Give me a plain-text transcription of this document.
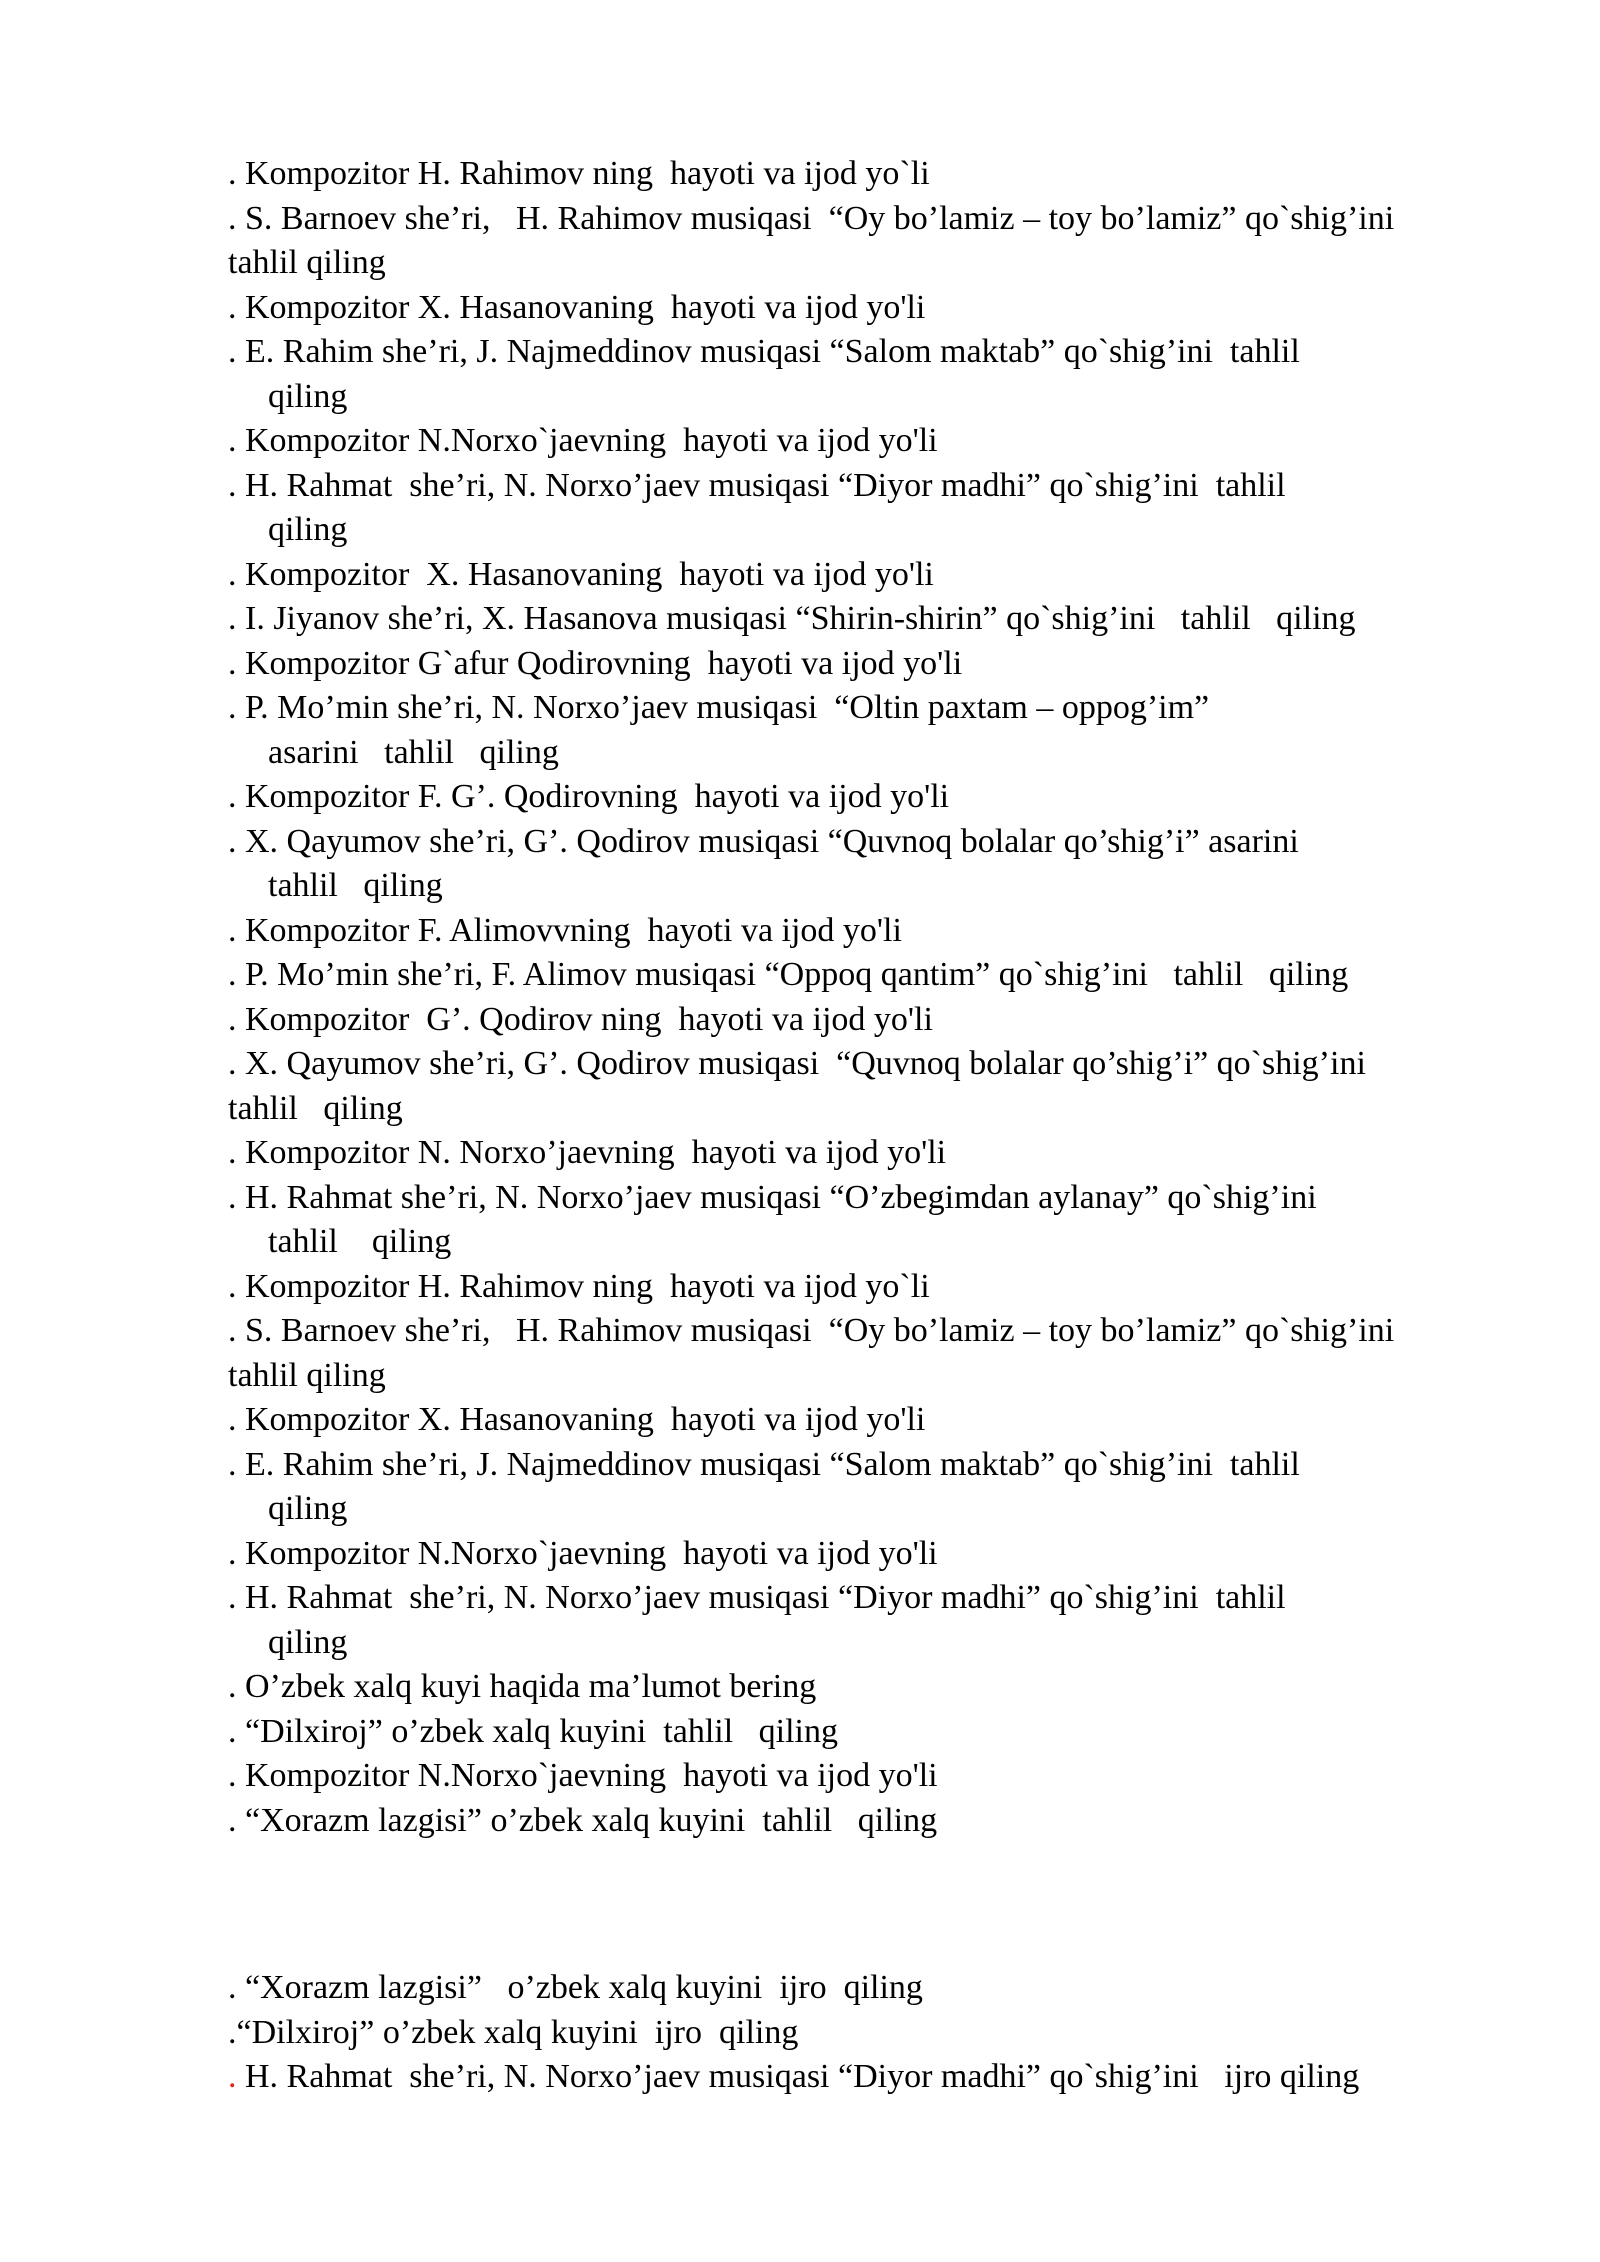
. Kompozitor H. Rahimov ning  hayoti va ijod yo`li
. S. Barnoev she’ri,   H. Rahimov musiqasi  “Oy bo’lamiz – toy bo’lamiz” qo`shig’ini
tahlil qiling
. Kompozitor X. Hasanovaning  hayoti va ijod yo'li
. E. Rahim she’ri, J. Najmeddinov musiqasi “Salom maktab” qo`shig’ini  tahlil
qiling
. Kompozitor N.Norxo`jaevning  hayoti va ijod yo'li
. H. Rahmat  she’ri, N. Norxo’jaev musiqasi “Diyor madhi” qo`shig’ini  tahlil
qiling
. Kompozitor  X. Hasanovaning  hayoti va ijod yo'li
. I. Jiyanov she’ri, X. Hasanova musiqasi “Shirin-shirin” qo`shig’ini   tahlil   qiling
. Kompozitor G`afur Qodirovning  hayoti va ijod yo'li
. P. Mo’min she’ri, N. Norxo’jaev musiqasi  “Oltin paxtam – oppog’im”
asarini   tahlil   qiling
. Kompozitor F. G’. Qodirovning  hayoti va ijod yo'li
. X. Qayumov she’ri, G’. Qodirov musiqasi “Quvnoq bolalar qo’shig’i” asarini
tahlil   qiling
. Kompozitor F. Alimovvning  hayoti va ijod yo'li
. P. Mo’min she’ri, F. Alimov musiqasi “Oppoq qantim” qo`shig’ini   tahlil   qiling
. Kompozitor  G’. Qodirov ning  hayoti va ijod yo'li
. X. Qayumov she’ri, G’. Qodirov musiqasi  “Quvnoq bolalar qo’shig’i” qo`shig’ini
tahlil   qiling
. Kompozitor N. Norxo’jaevning  hayoti va ijod yo'li
. H. Rahmat she’ri, N. Norxo’jaev musiqasi “O’zbegimdan aylanay” qo`shig’ini
tahlil    qiling
. Kompozitor H. Rahimov ning  hayoti va ijod yo`li
. S. Barnoev she’ri,   H. Rahimov musiqasi  “Oy bo’lamiz – toy bo’lamiz” qo`shig’ini
tahlil qiling
. Kompozitor X. Hasanovaning  hayoti va ijod yo'li
. E. Rahim she’ri, J. Najmeddinov musiqasi “Salom maktab” qo`shig’ini  tahlil
qiling
. Kompozitor N.Norxo`jaevning  hayoti va ijod yo'li
. H. Rahmat  she’ri, N. Norxo’jaev musiqasi “Diyor madhi” qo`shig’ini  tahlil
qiling
. O’zbek xalq kuyi haqida ma’lumot bering
. “Dilxiroj” o’zbek xalq kuyini  tahlil   qiling
. Kompozitor N.Norxo`jaevning  hayoti va ijod yo'li
. “Xorazm lazgisi” o’zbek xalq kuyini  tahlil   qiling
. “Xorazm lazgisi”   o’zbek xalq kuyini  ijro  qiling
.“Dilxiroj” o’zbek xalq kuyini  ijro  qiling
. H. Rahmat  she’ri, N. Norxo’jaev musiqasi “Diyor madhi” qo`shig’ini   ijro qiling
